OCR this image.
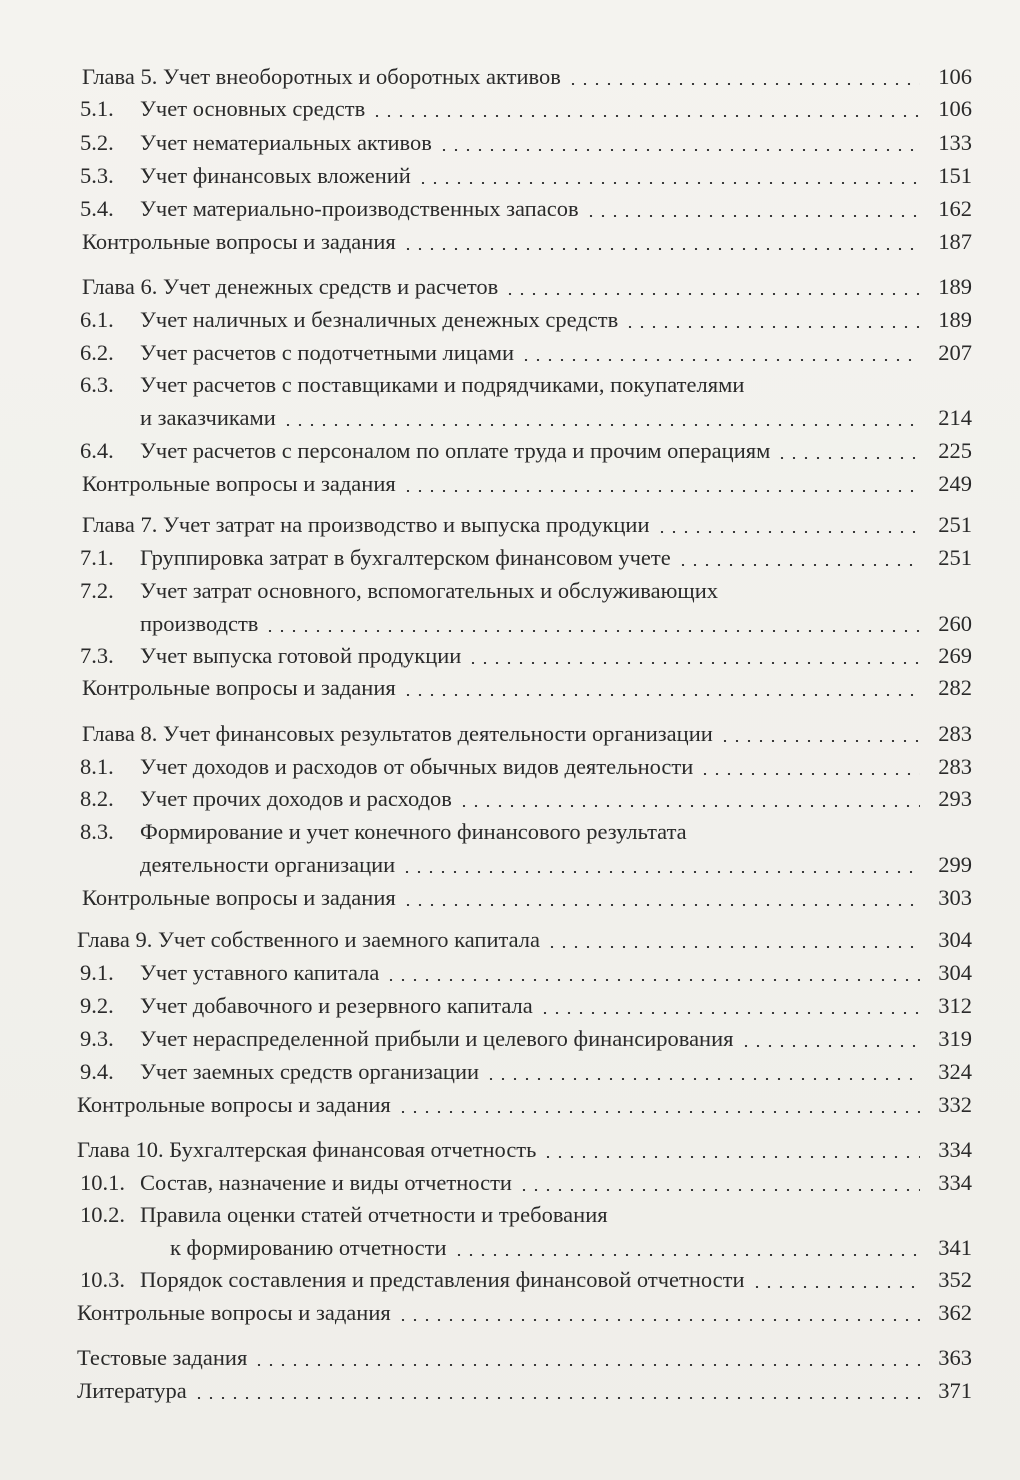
Глава 5. Учет внеоборотных и оборотных активов	106
5.1.	Учет основных средств	106
5.2.	Учет нематериальных активов	133
5.3.	Учет финансовых вложений	151
5.4.	Учет материально-производственных запасов	162
Контрольные вопросы и задания	187
Глава 6. Учет денежных средств и расчетов	189
6.1.	Учет наличных и безналичных денежных средств	189
6.2.	Учет расчетов с подотчетными лицами	207
6.3. Учет расчетов с поставщиками и подрядчиками, покупателями
и заказчиками	214
6.4.	Учет расчетов с персоналом по оплате труда и прочим операциям	225
Контрольные вопросы и задания	249
Глава 7. Учет затрат на производство и выпуска продукции	251
7.1.	Группировка затрат в бухгалтерском финансовом учете	251
7.2. Учет затрат основного, вспомогательных и обслуживающих
производств	260
7.3.	Учет выпуска готовой продукции	269
Контрольные вопросы и задания	282
Глава 8. Учет финансовых результатов деятельности организации	283
8.1.	Учет доходов и расходов от обычных видов деятельности	283
8.2.	Учет прочих доходов и расходов	293
8.3. Формирование и учет конечного финансового результата
деятельности организации	299
Контрольные вопросы и задания	303
Глава 9. Учет собственного и заемного капитала	304
9.1.	Учет уставного капитала	304
9.2.	Учет добавочного и резервного капитала	312
9.3.	Учет нераспределенной прибыли и целевого финансирования	319
9.4.	Учет заемных средств организации	324
Контрольные вопросы и задания	332
Глава 10. Бухгалтерская финансовая отчетность	334
10.1. Состав, назначение и виды отчетности	334
10.2. Правила оценки статей отчетности и требования
к формированию отчетности	341
10.3. Порядок составления и представления финансовой отчетности	352
Контрольные вопросы и задания	362
Тестовые задания	363
Литература	371
